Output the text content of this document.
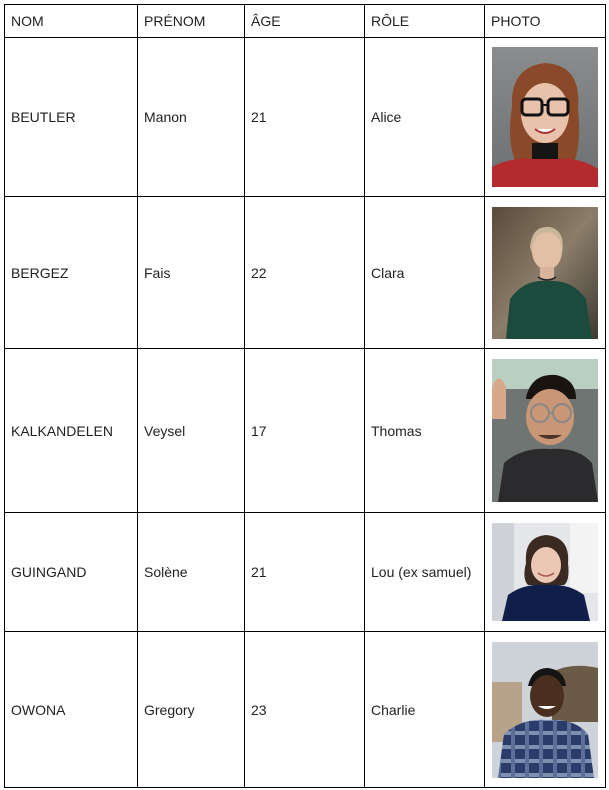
NOM	PRÉNOM	ÂGE	RÔLE	PHOTO
BEUTLER	Manon	21	Alice	

BERGEZ	Fais	22	Clara	

KALKANDELEN	Veysel	17	Thomas	

GUINGAND	Solène	21	Lou (ex samuel)	

OWONA	Gregory	23	Charlie	
